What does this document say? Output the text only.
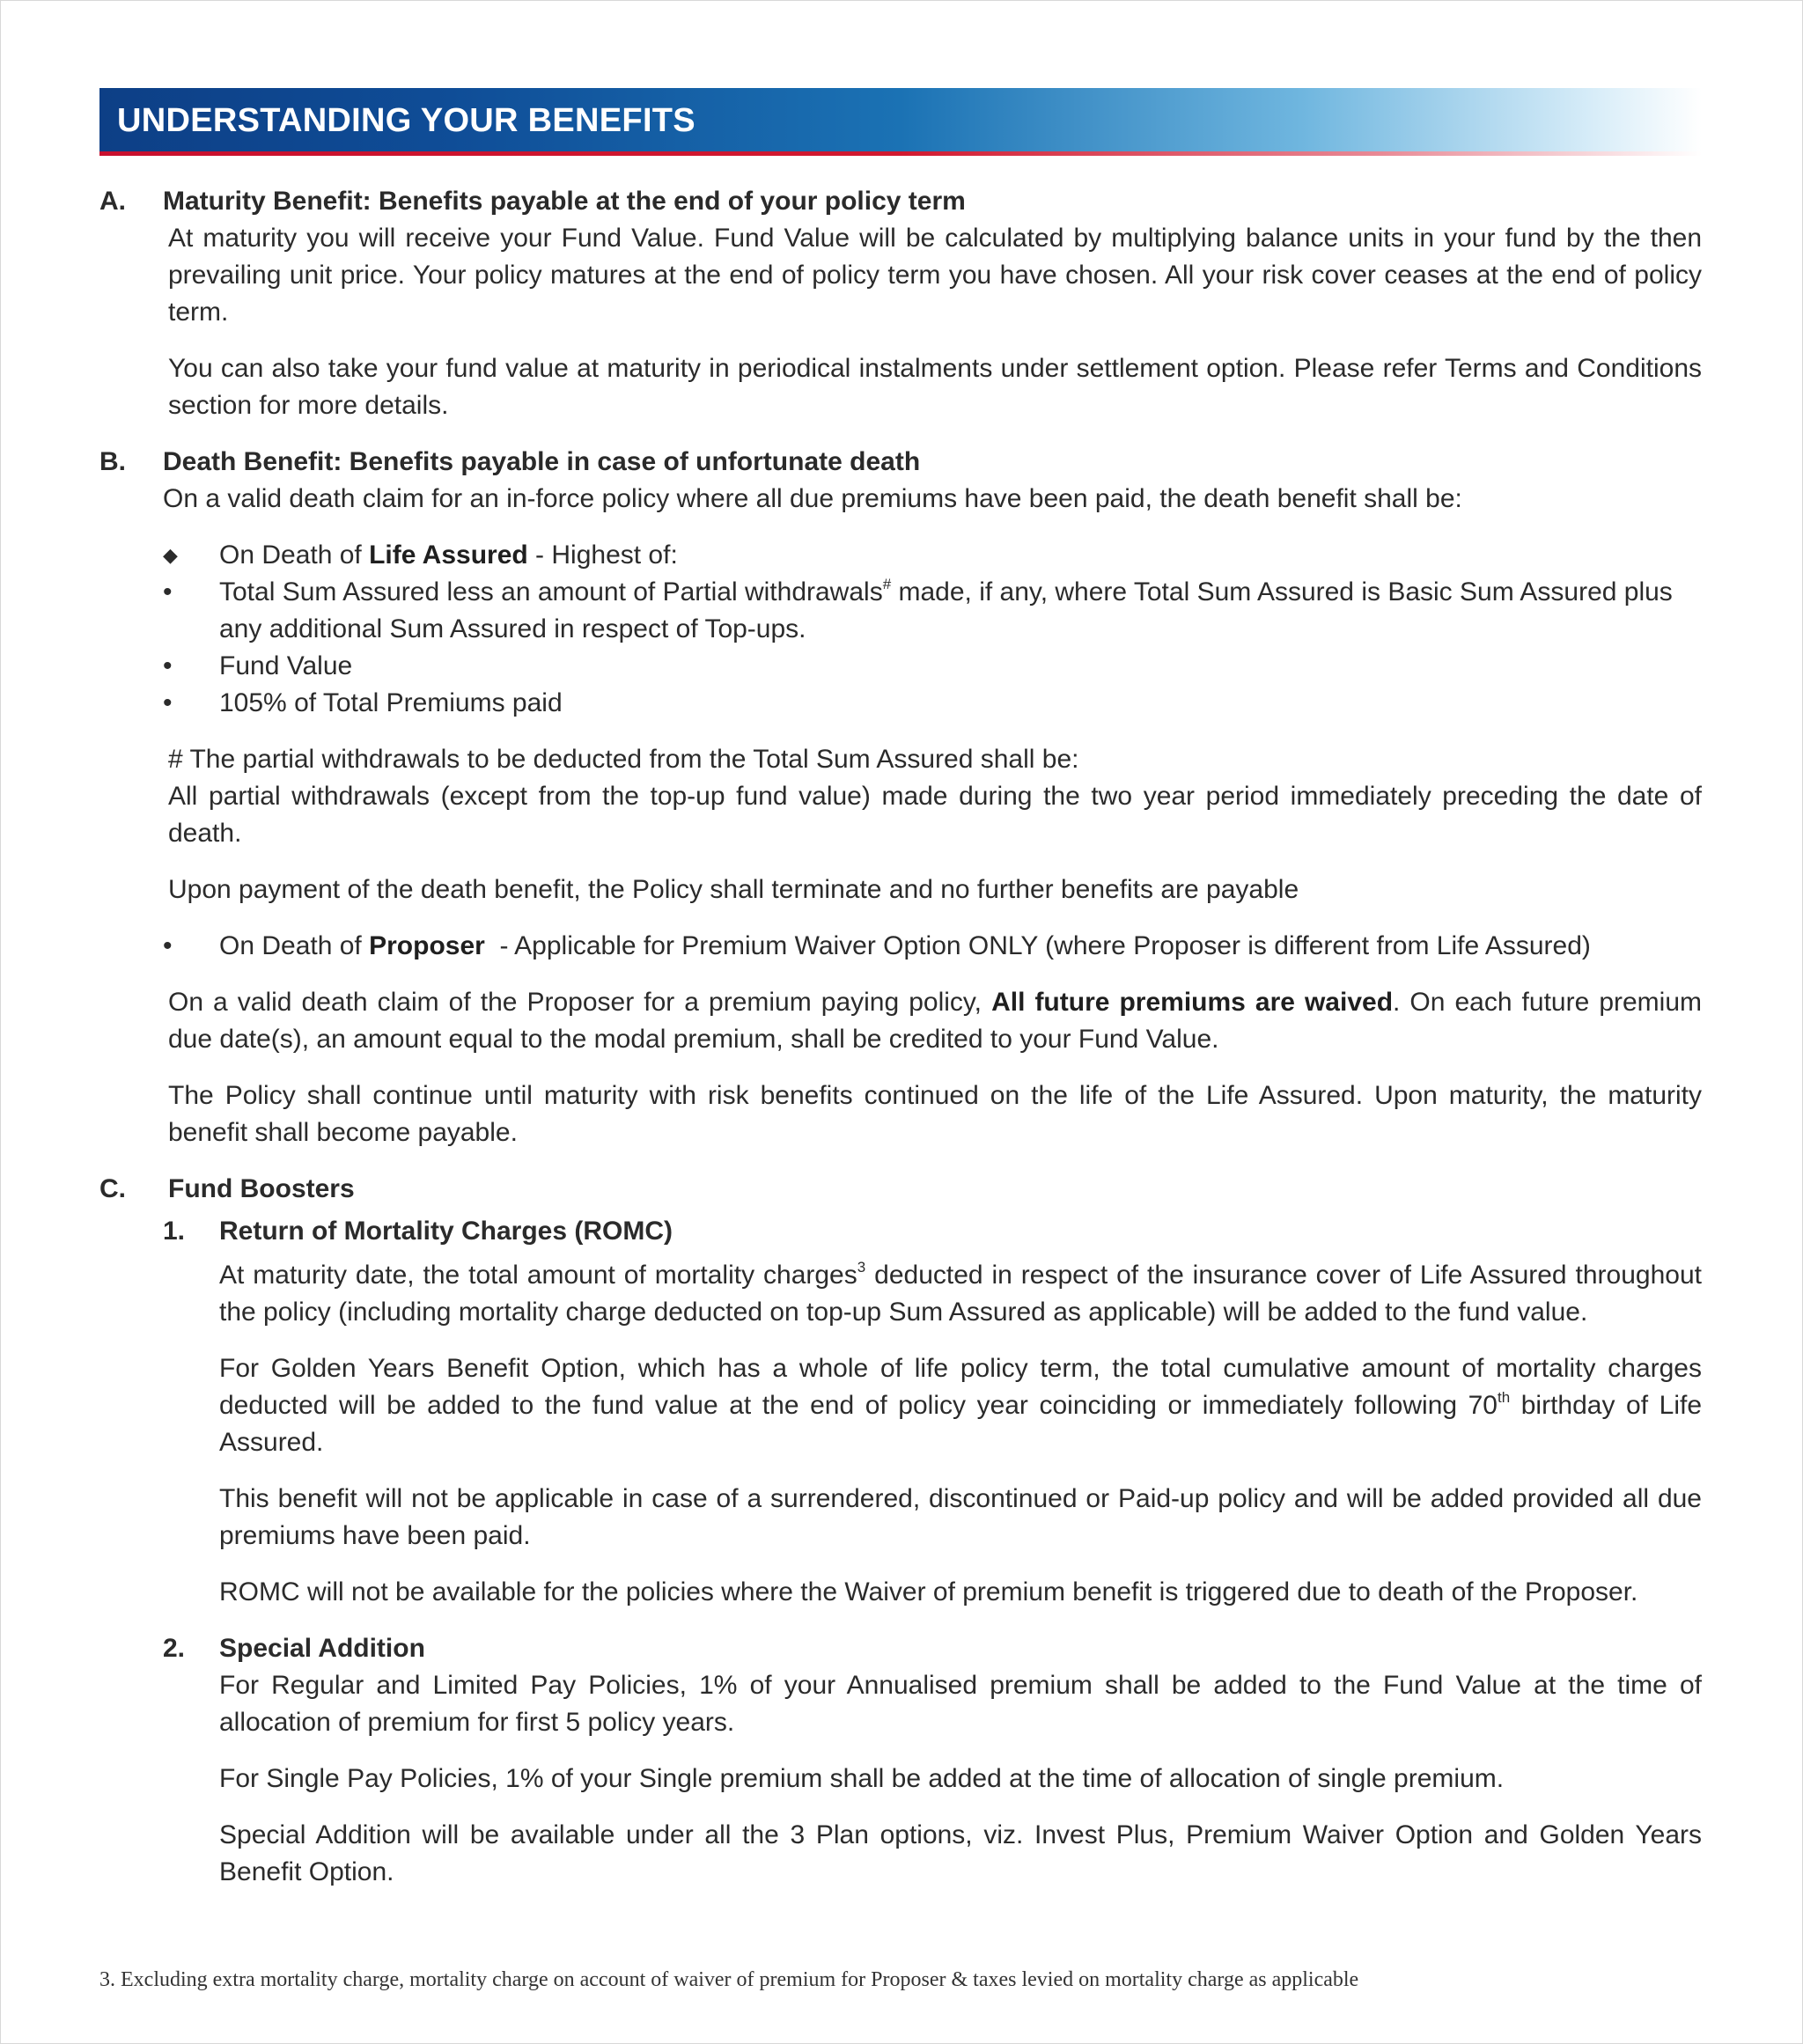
UNDERSTANDING YOUR BENEFITS
A. Maturity Benefit: Benefits payable at the end of your policy term

At maturity you will receive your Fund Value. Fund Value will be calculated by multiplying balance units in your fund by the then prevailing unit price. Your policy matures at the end of policy term you have chosen. All your risk cover ceases at the end of policy term.

You can also take your fund value at maturity in periodical instalments under settlement option. Please refer Terms and Conditions section for more details.

B. Death Benefit: Benefits payable in case of unfortunate death

On a valid death claim for an in-force policy where all due premiums have been paid, the death benefit shall be:

◆ On Death of Life Assured - Highest of:
• Total Sum Assured less an amount of Partial withdrawals# made, if any, where Total Sum Assured is Basic Sum Assured plus any additional Sum Assured in respect of Top-ups.
• Fund Value
• 105% of Total Premiums paid

# The partial withdrawals to be deducted from the Total Sum Assured shall be:
All partial withdrawals (except from the top-up fund value) made during the two year period immediately preceding the date of death.

Upon payment of the death benefit, the Policy shall terminate and no further benefits are payable

• On Death of Proposer  - Applicable for Premium Waiver Option ONLY (where Proposer is different from Life Assured)

On a valid death claim of the Proposer for a premium paying policy, All future premiums are waived. On each future premium due date(s), an amount equal to the modal premium, shall be credited to your Fund Value.

The Policy shall continue until maturity with risk benefits continued on the life of the Life Assured. Upon maturity, the maturity benefit shall become payable.

C. Fund Boosters
1. Return of Mortality Charges (ROMC)

At maturity date, the total amount of mortality charges$^3$ deducted in respect of the insurance cover of Life Assured throughout the policy (including mortality charge deducted on top-up Sum Assured as applicable) will be added to the fund value.

For Golden Years Benefit Option, which has a whole of life policy term, the total cumulative amount of mortality charges deducted will be added to the fund value at the end of policy year coinciding or immediately following 70th birthday of Life Assured.

This benefit will not be applicable in case of a surrendered, discontinued or Paid-up policy and will be added provided all due premiums have been paid.

ROMC will not be available for the policies where the Waiver of premium benefit is triggered due to death of the Proposer.

2. Special Addition

For Regular and Limited Pay Policies, 1% of your Annualised premium shall be added to the Fund Value at the time of allocation of premium for first 5 policy years.

For Single Pay Policies, 1% of your Single premium shall be added at the time of allocation of single premium.

Special Addition will be available under all the 3 Plan options, viz. Invest Plus, Premium Waiver Option and Golden Years Benefit Option.

3. Excluding extra mortality charge, mortality charge on account of waiver of premium for Proposer & taxes levied on mortality charge as applicable
